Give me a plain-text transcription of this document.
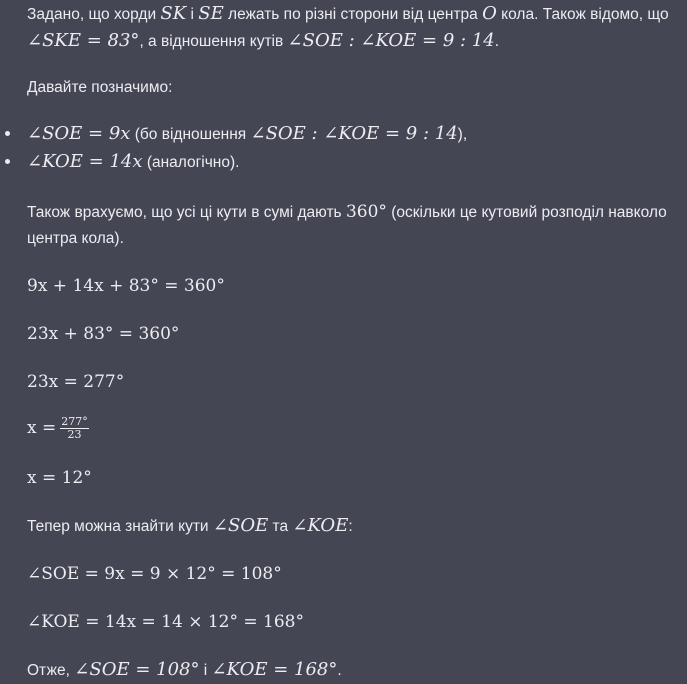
Задано, що хорди SK і SE лежать по різні сторони від центра O кола. Також відомо, що
∠SKE = 83°, а відношення кутів ∠SOE : ∠KOE = 9 : 14.
Давайте позначимо:
∠SOE = 9x (бо відношення ∠SOE : ∠KOE = 9 : 14),
∠KOE = 14x (аналогічно).
Також врахуємо, що усі ці кути в сумі дають 360° (оскільки це кутовий розподіл навколо
центра кола).
9x + 14x + 83° = 360°
23x + 83° = 360°
23x = 277°
$x = \frac{277^\circ}{23}$
x = 12°
Тепер можна знайти кути ∠SOE та ∠KOE:
∠SOE = 9x = 9 × 12° = 108°
∠KOE = 14x = 14 × 12° = 168°
Отже, ∠SOE = 108° і ∠KOE = 168°.
